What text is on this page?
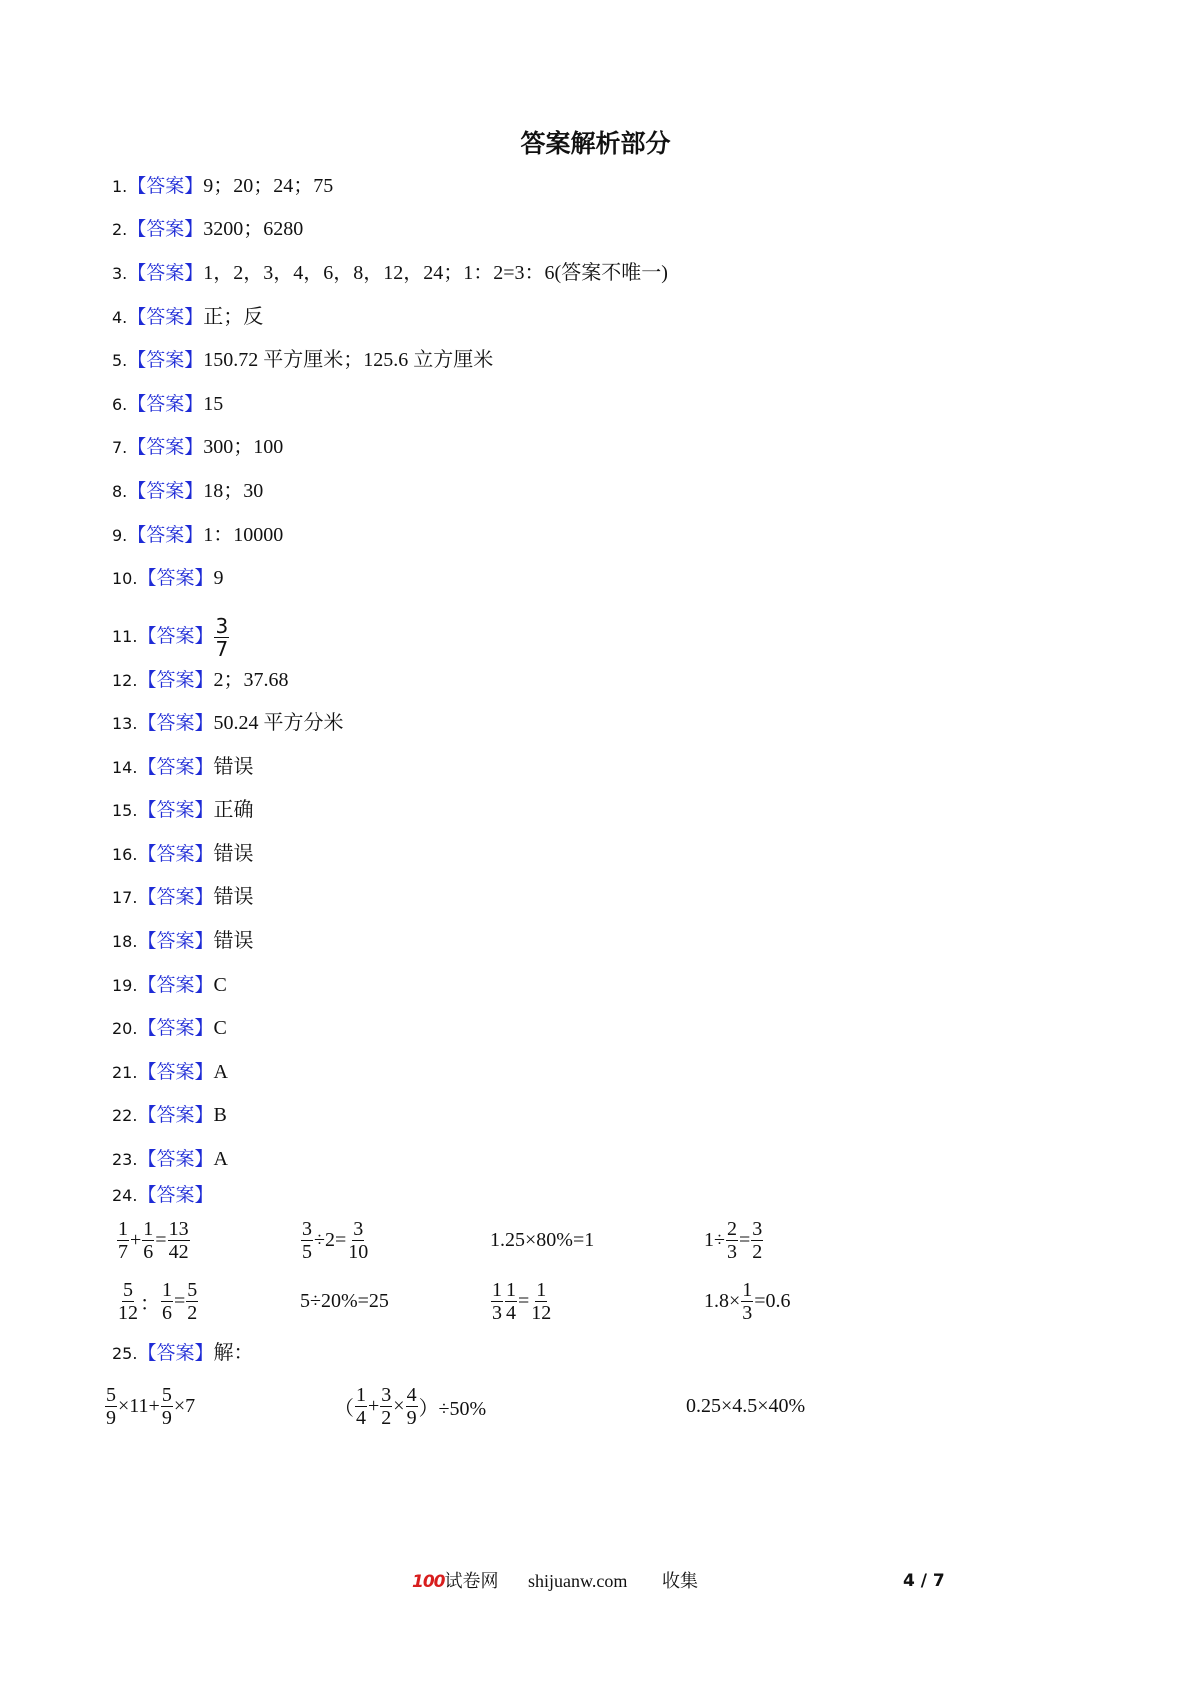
答案解析部分
1.【答案】9；20；24；75
2.【答案】3200；6280
3.【答案】1，2，3，4，6，8，12，24；1：2=3：6(答案不唯一)
4.【答案】正；反
5.【答案】150.72 平方厘米；125.6 立方厘米
6.【答案】15
7.【答案】300；100
8.【答案】18；30
9.【答案】1：10000
10.【答案】9
11.【答案】 $\frac{3}{7}$
12.【答案】2；37.68
13.【答案】50.24 平方分米
14.【答案】错误
15.【答案】正确
16.【答案】错误
17.【答案】错误
18.【答案】错误
19.【答案】C
20.【答案】C
21.【答案】A
22.【答案】B
23.【答案】A
24.【答案】
25.【答案】解：
$\frac{1}{7} + \frac{1}{6} = \frac{13}{42}$	$\frac{3}{5} \div 2= \frac{3}{10}$	1.25×80%=1	$1\div \frac{2}{3} = \frac{3}{2}$
$\frac{5}{12}$ ： $\frac{1}{6} = \frac{5}{2}$	5÷20%=25	$\frac{1}{3} \frac{1}{4} = \frac{1}{12}$	$1.8\times \frac{1}{3} =0.6$
$\frac{5}{9} \times 11+ \frac{5}{9} \times 7$	（ $\frac{1}{4} + \frac{3}{2} \times \frac{4}{9} )\div 50\%$	0.25×4.5×40%
100试卷网 shijuanw.com 收集	4 / 7
